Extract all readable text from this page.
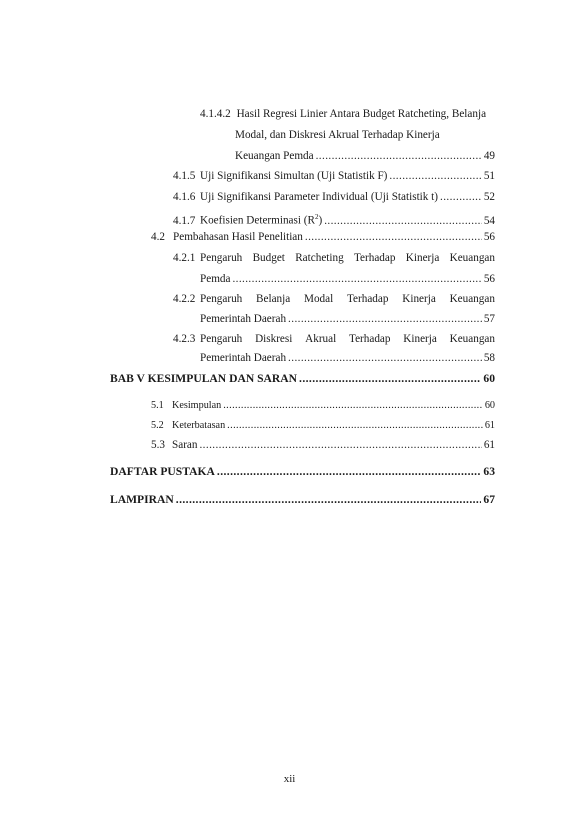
4.1.4.2 Hasil Regresi Linier Antara Budget Ratcheting, Belanja
Modal, dan Diskresi Akrual Terhadap Kinerja
Keuangan Pemda .....	49
4.1.5 Uji Signifikansi Simultan (Uji Statistik F) .....	51
4.1.6 Uji Signifikansi Parameter Individual (Uji Statistik t) .....	52
4.1.7 Koefisien Determinasi $(R^2)$ .....	54
4.2 Pembahasan Hasil Penelitian .....	56
4.2.1 Pengaruh Budget Ratcheting Terhadap Kinerja Keuangan
Pemda .....	56
4.2.2 Pengaruh Belanja Modal Terhadap Kinerja Keuangan
Pemerintah Daerah .....	57
4.2.3 Pengaruh Diskresi Akrual Terhadap Kinerja Keuangan
Pemerintah Daerah .....	58
BAB V KESIMPULAN DAN SARAN .....	60
5.1 Kesimpulan .....	60
5.2 Keterbatasan .....	61
5.3 Saran .....	61
DAFTAR PUSTAKA .....	63
LAMPIRAN .....	67
xii
